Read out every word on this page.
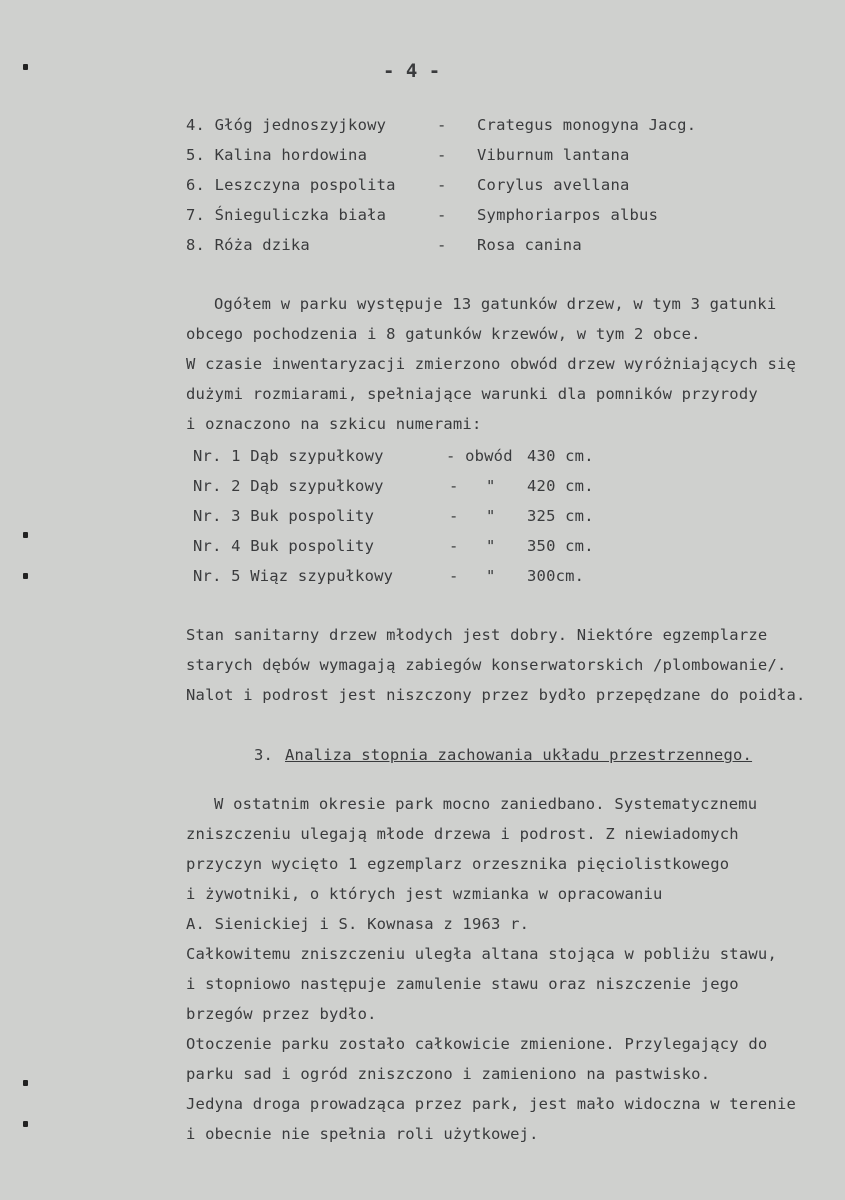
- 4 -
4. Głóg jednoszyjkowy	- Crategus monogyna Jacg.
5. Kalina hordowina	- Viburnum lantana
6. Leszczyna pospolita	- Corylus avellana
7. Śnieguliczka biała	- Symphoriarpos albus
8. Róża dzika	- Rosa canina
Ogółem w parku występuje 13 gatunków drzew, w tym 3 gatunki
obcego pochodzenia i 8 gatunków krzewów, w tym 2 obce.
W czasie inwentaryzacji zmierzono obwód drzew wyróżniających się
dużymi rozmiarami, spełniające warunki dla pomników przyrody
i oznaczono na szkicu numerami:
Nr. 1 Dąb szypułkowy	- obwód 430 cm.
Nr. 2 Dąb szypułkowy	- " 420 cm.
Nr. 3 Buk pospolity	- " 325 cm.
Nr. 4 Buk pospolity	- " 350 cm.
Nr. 5 Wiąz szypułkowy	- " 300cm.
Stan sanitarny drzew młodych jest dobry. Niektóre egzemplarze
starych dębów wymagają zabiegów konserwatorskich /plombowanie/.
Nalot i podrost jest niszczony przez bydło przepędzane do poidła.
3. Analiza stopnia zachowania układu przestrzennego.
W ostatnim okresie park mocno zaniedbano. Systematycznemu
zniszczeniu ulegają młode drzewa i podrost. Z niewiadomych
przyczyn wycięto 1 egzemplarz orzesznika pięciolistkowego
i żywotniki, o których jest wzmianka w opracowaniu
A. Sienickiej i S. Kownasa z 1963 r.
Całkowitemu zniszczeniu uległa altana stojąca w pobliżu stawu,
i stopniowo następuje zamulenie stawu oraz niszczenie jego
brzegów przez bydło.
Otoczenie parku zostało całkowicie zmienione. Przylegający do
parku sad i ogród zniszczono i zamieniono na pastwisko.
Jedyna droga prowadząca przez park, jest mało widoczna w terenie
i obecnie nie spełnia roli użytkowej.
